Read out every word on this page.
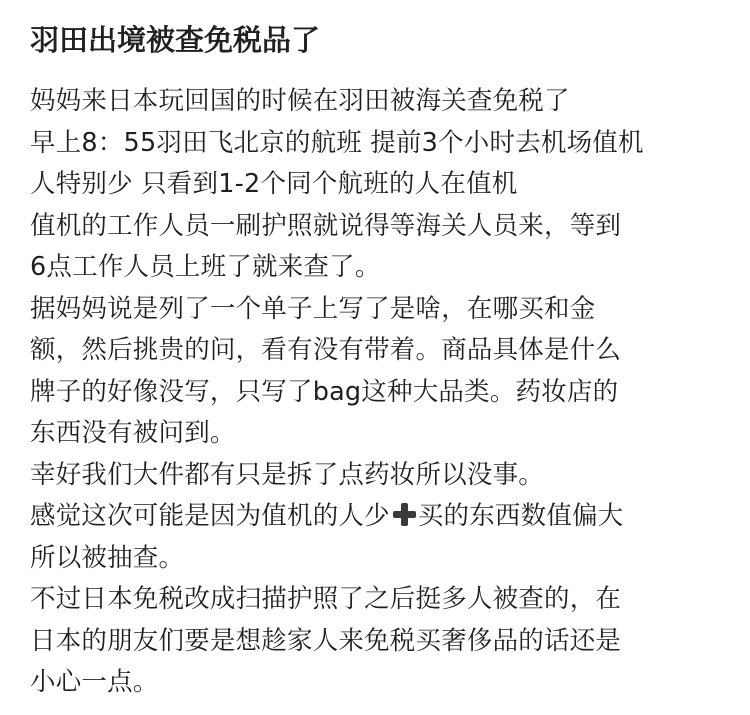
羽田出境被查免税品了

妈妈来日本玩回国的时候在羽田被海关查免税了

早上8：55羽田飞北京的航班 提前3个小时去机场值机

人特别少 只看到1-2个同个航班的人在值机

值机的工作人员一刷护照就说得等海关人员来，等到

6点工作人员上班了就来查了。

据妈妈说是列了一个单子上写了是啥，在哪买和金

额，然后挑贵的问，看有没有带着。商品具体是什么

牌子的好像没写，只写了bag这种大品类。药妆店的

东西没有被问到。

幸好我们大件都有只是拆了点药妆所以没事。

感觉这次可能是因为值机的人少 买的东西数值偏大

所以被抽查。

不过日本免税改成扫描护照了之后挺多人被查的，在

日本的朋友们要是想趁家人来免税买奢侈品的话还是

小心一点。
